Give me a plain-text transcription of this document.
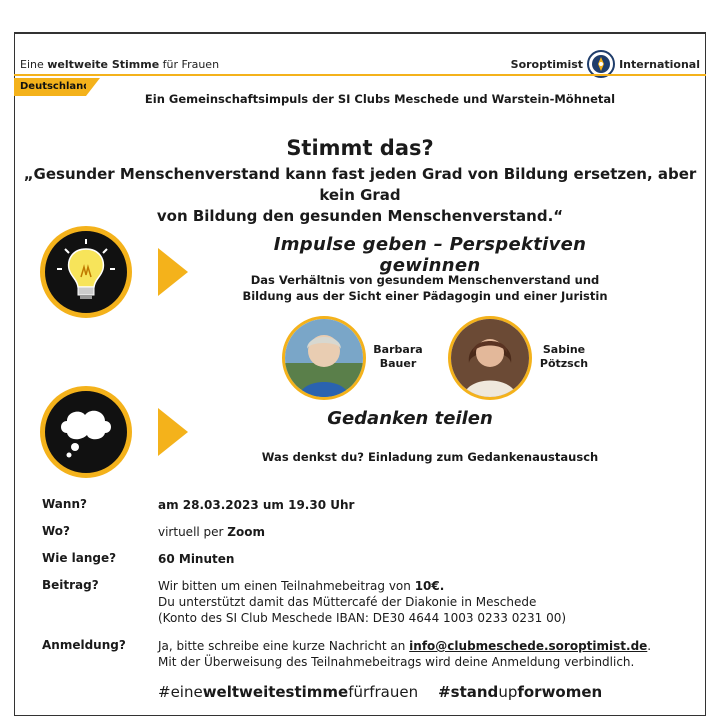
Eine weltweite Stimme für Frauen	Soroptimist	International
Deutschland
Ein Gemeinschaftsimpuls der SI Clubs Meschede und Warstein-Möhnetal
Stimmt das?
„Gesunder Menschenverstand kann fast jeden Grad von Bildung ersetzen, aber kein Grad
von Bildung den gesunden Menschenverstand.“
Impulse geben – Perspektiven gewinnen
Das Verhältnis von gesundem Menschenverstand und
Bildung aus der Sicht einer Pädagogin und einer Juristin
Barbara
Bauer
Sabine
Pötzsch
Gedanken teilen
Was denkst du? Einladung zum Gedankenaustausch
Wann?	am 28.03.2023 um 19.30 Uhr
Wo?	virtuell per Zoom
Wie lange?	60 Minuten
Beitrag?	Wir bitten um einen Teilnahmebeitrag von 10€.
Du unterstützt damit das Müttercafé der Diakonie in Meschede
(Konto des SI Club Meschede IBAN: DE30 4644 1003 0233 0231 00)
Anmeldung?	Ja, bitte schreibe eine kurze Nachricht an info@clubmeschede.soroptimist.de.
Mit der Überweisung des Teilnahmebeitrags wird deine Anmeldung verbindlich.
#eineweltweitestimmefürfrauen #standupforwomen
